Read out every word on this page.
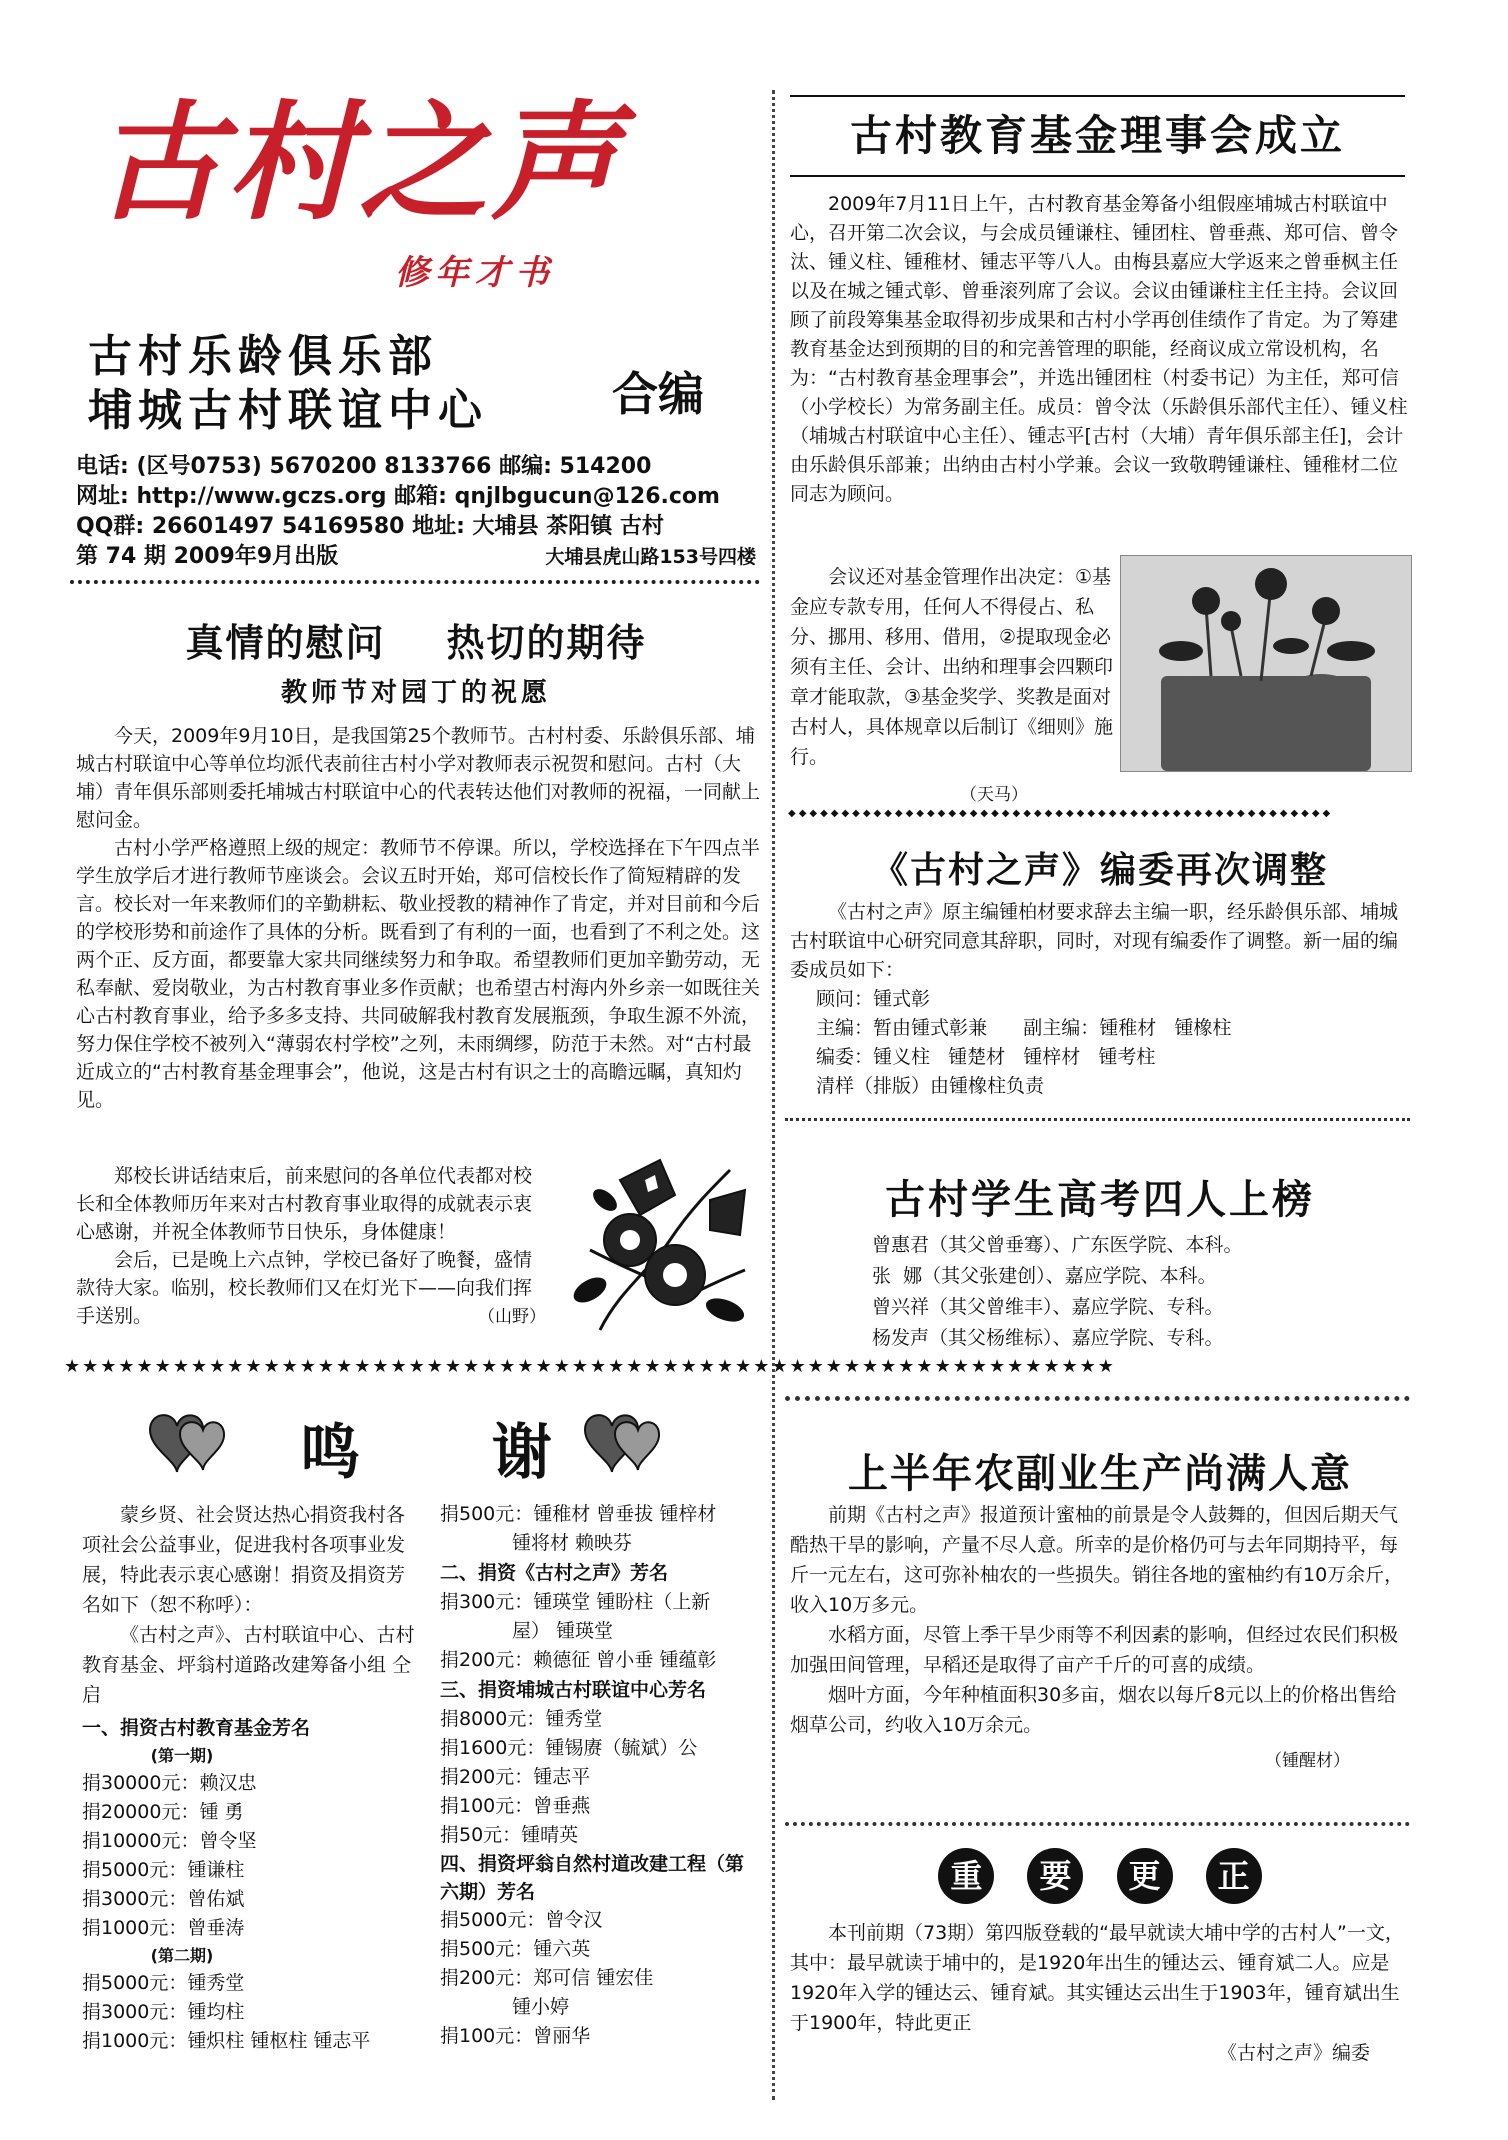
古村之声
修年才书
古村乐龄俱乐部
埔城古村联谊中心	合编
电话: (区号0753) 5670200 8133766 邮编: 514200
网址: http://www.gczs.org 邮箱: qnjlbgucun@126.com
QQ群: 26601497 54169580 地址: 大埔县 茶阳镇 古村
第 74 期 2009年9月出版	大埔县虎山路153号四楼
真情的慰问    热切的期待
教师节对园丁的祝愿

今天，2009年9月10日，是我国第25个教师节。古村村委、乐龄俱乐部、埔城古村联谊中心等单位均派代表前往古村小学对教师表示祝贺和慰问。古村（大埔）青年俱乐部则委托埔城古村联谊中心的代表转达他们对教师的祝福，一同献上慰问金。

古村小学严格遵照上级的规定：教师节不停课。所以，学校选择在下午四点半学生放学后才进行教师节座谈会。会议五时开始，郑可信校长作了简短精辟的发言。校长对一年来教师们的辛勤耕耘、敬业授教的精神作了肯定，并对目前和今后的学校形势和前途作了具体的分析。既看到了有利的一面，也看到了不利之处。这两个正、反方面，都要靠大家共同继续努力和争取。希望教师们更加辛勤劳动，无私奉献、爱岗敬业，为古村教育事业多作贡献；也希望古村海内外乡亲一如既往关心古村教育事业，给予多多支持、共同破解我村教育发展瓶颈，争取生源不外流，努力保住学校不被列入“薄弱农村学校”之列，未雨绸缪，防范于未然。对“古村最近成立的“古村教育基金理事会”，他说，这是古村有识之士的高瞻远瞩，真知灼见。

郑校长讲话结束后，前来慰问的各单位代表都对校长和全体教师历年来对古村教育事业取得的成就表示衷心感谢，并祝全体教师节日快乐，身体健康！

会后，已是晚上六点钟，学校已备好了晚餐，盛情款待大家。临别，校长教师们又在灯光下——向我们挥手送别。	（山野）
★★★★★★★★★★★★★★★★★★★★★★★★★★★★★★★★★★★★★★★★★★★★★★★★★★★★★★★★★★
鸣  谢

蒙乡贤、社会贤达热心捐资我村各项社会公益事业，促进我村各项事业发展，特此表示衷心感谢！捐资及捐资芳名如下（恕不称呼）：

《古村之声》、古村联谊中心、古村教育基金、坪翁村道路改建筹备小组 仝启

一、捐资古村教育基金芳名
(第一期)
捐30000元：赖汉忠
捐20000元：锺 勇
捐10000元：曾令坚
捐5000元：锺谦柱
捐3000元：曾佑斌
捐1000元：曾垂涛
(第二期)
捐5000元：锺秀堂
捐3000元：锺均柱
捐1000元：锺炽柱 锺枢柱 锺志平
捐500元：锺稚材 曾垂拔 锺梓材
锺将材 赖映芬
二、捐资《古村之声》芳名
捐300元：锺瑛堂 锺盼柱（上新
屋） 锺瑛堂
捐200元：赖德征 曾小垂 锺蕴彰
三、捐资埔城古村联谊中心芳名
捐8000元：锺秀堂
捐1600元：锺锡赓（毓斌）公
捐200元：锺志平
捐100元：曾垂燕
捐50元：锺晴英
四、捐资坪翁自然村道改建工程（第六期）芳名
捐5000元：曾令汉
捐500元：锺六英
捐200元：郑可信 锺宏佳
锺小婷
捐100元：曾丽华
古村教育基金理事会成立

2009年7月11日上午，古村教育基金筹备小组假座埔城古村联谊中心，召开第二次会议，与会成员锺谦柱、锺团柱、曾垂燕、郑可信、曾令汰、锺义柱、锺稚材、锺志平等八人。由梅县嘉应大学返来之曾垂枫主任以及在城之锺式彰、曾垂滚列席了会议。会议由锺谦柱主任主持。会议回顾了前段筹集基金取得初步成果和古村小学再创佳绩作了肯定。为了筹建教育基金达到预期的目的和完善管理的职能，经商议成立常设机构，名为：“古村教育基金理事会”，并选出锺团柱（村委书记）为主任，郑可信（小学校长）为常务副主任。成员：曾令汰（乐龄俱乐部代主任）、锺义柱（埔城古村联谊中心主任）、锺志平[古村（大埔）青年俱乐部主任]，会计由乐龄俱乐部兼；出纳由古村小学兼。会议一致敬聘锺谦柱、锺稚材二位同志为顾问。

会议还对基金管理作出决定：①基金应专款专用，任何人不得侵占、私分、挪用、移用、借用，②提取现金必须有主任、会计、出纳和理事会四颗印章才能取款，③基金奖学、奖教是面对古村人，具体规章以后制订《细则》施行。

（天马）
◆◆◆◆◆◆◆◆◆◆◆◆◆◆◆◆◆◆◆◆◆◆◆◆◆◆◆◆◆◆◆◆◆◆◆◆◆◆◆◆◆◆◆◆◆◆◆◆◆◆◆
《古村之声》编委再次调整

《古村之声》原主编锺柏材要求辞去主编一职，经乐龄俱乐部、埔城古村联谊中心研究同意其辞职，同时，对现有编委作了调整。新一届的编委成员如下：

顾问：锺式彰
主编：暂由锺式彰兼      副主编：锺稚材   锺橡柱
编委：锺义柱   锺楚材   锺梓材   锺考柱
清样（排版）由锺橡柱负责
古村学生高考四人上榜
曾惠君（其父曾垂骞）、广东医学院、本科。
张  娜（其父张建创）、嘉应学院、本科。
曾兴祥（其父曾维丰）、嘉应学院、专科。
杨发声（其父杨维标）、嘉应学院、专科。
上半年农副业生产尚满人意

前期《古村之声》报道预计蜜柚的前景是令人鼓舞的，但因后期天气酷热干旱的影响，产量不尽人意。所幸的是价格仍可与去年同期持平，每斤一元左右，这可弥补柚农的一些损失。销往各地的蜜柚约有10万余斤，收入10万多元。

水稻方面，尽管上季干旱少雨等不利因素的影响，但经过农民们积极加强田间管理，早稻还是取得了亩产千斤的可喜的成绩。

烟叶方面，今年种植面积30多亩，烟农以每斤8元以上的价格出售给烟草公司，约收入10万余元。

（锺醒材）
重 要 更 正

本刊前期（73期）第四版登载的“最早就读大埔中学的古村人”一文，其中：最早就读于埔中的，是1920年出生的锺达云、锺育斌二人。应是1920年入学的锺达云、锺育斌。其实锺达云出生于1903年，锺育斌出生于1900年，特此更正

《古村之声》编委
